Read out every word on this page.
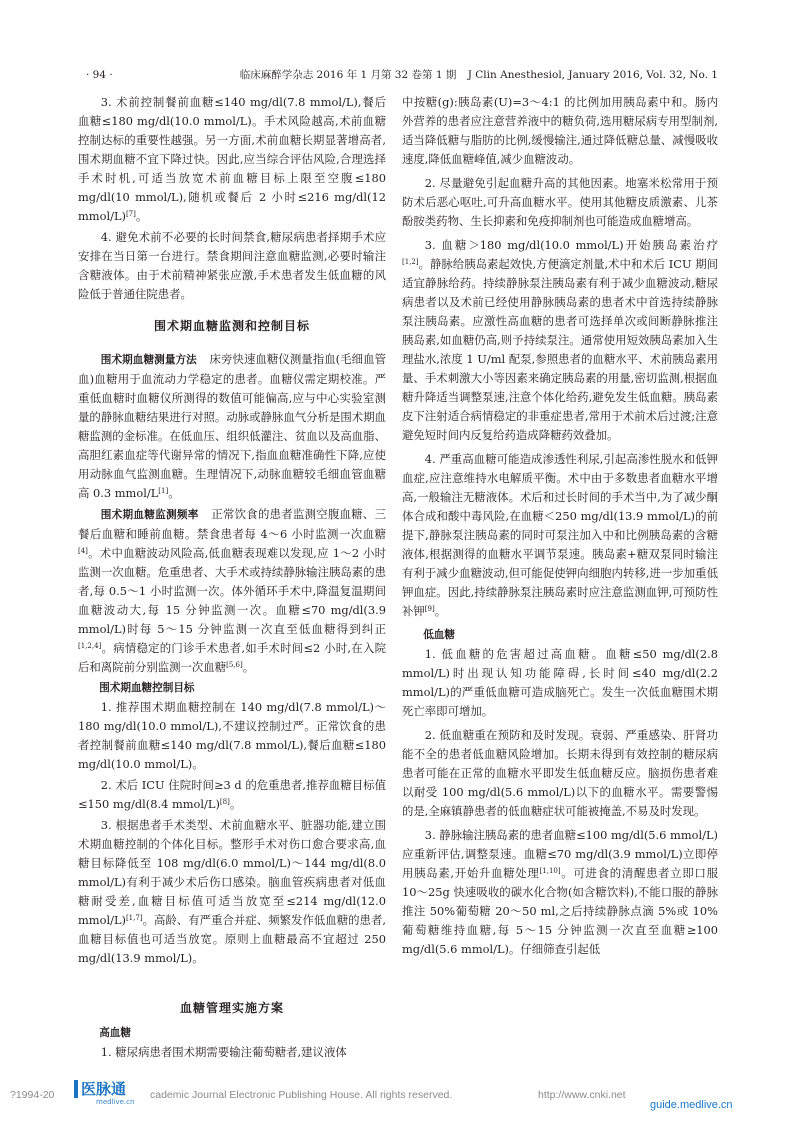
· 94 ·	临床麻醉学杂志 2016 年 1 月第 32 卷第 1 期 J Clin Anesthesiol, January 2016, Vol. 32, No. 1

3. 术前控制餐前血糖≤140 mg/dl(7.8 mmol/L),餐后血糖≤180 mg/dl(10.0 mmol/L)。手术风险越高,术前血糖控制达标的重要性越强。另一方面,术前血糖长期显著增高者,围术期血糖不宜下降过快。因此,应当综合评估风险,合理选择手术时机,可适当放宽术前血糖目标上限至空腹≤180 mg/dl(10 mmol/L),随机或餐后 2 小时≤216 mg/dl(12 mmol/L)[7]。

4. 避免术前不必要的长时间禁食,糖尿病患者择期手术应安排在当日第一台进行。禁食期间注意血糖监测,必要时输注含糖液体。由于术前精神紧张应激,手术患者发生低血糖的风险低于普通住院患者。

围术期血糖监测和控制目标

围术期血糖测量方法 床旁快速血糖仪测量指血(毛细血管血)血糖用于血流动力学稳定的患者。血糖仪需定期校准。严重低血糖时血糖仪所测得的数值可能偏高,应与中心实验室测量的静脉血糖结果进行对照。动脉或静脉血气分析是围术期血糖监测的金标准。在低血压、组织低灌注、贫血以及高血脂、高胆红素血症等代谢异常的情况下,指血血糖准确性下降,应使用动脉血气监测血糖。生理情况下,动脉血糖较毛细血管血糖高 0.3 mmol/L[1]。

围术期血糖监测频率 正常饮食的患者监测空腹血糖、三餐后血糖和睡前血糖。禁食患者每 4～6 小时监测一次血糖[4]。术中血糖波动风险高,低血糖表现难以发现,应 1～2 小时监测一次血糖。危重患者、大手术或持续静脉输注胰岛素的患者,每 0.5～1 小时监测一次。体外循环手术中,降温复温期间血糖波动大,每 15 分钟监测一次。血糖≤70 mg/dl(3.9 mmol/L)时每 5～15 分钟监测一次直至低血糖得到纠正[1,2,4]。病情稳定的门诊手术患者,如手术时间≤2 小时,在入院后和离院前分别监测一次血糖[5,6]。

围术期血糖控制目标

1. 推荐围术期血糖控制在 140 mg/dl(7.8 mmol/L)～180 mg/dl(10.0 mmol/L),不建议控制过严。正常饮食的患者控制餐前血糖≤140 mg/dl(7.8 mmol/L),餐后血糖≤180 mg/dl(10.0 mmol/L)。

2. 术后 ICU 住院时间≥3 d 的危重患者,推荐血糖目标值≤150 mg/dl(8.4 mmol/L)[8]。

3. 根据患者手术类型、术前血糖水平、脏器功能,建立围术期血糖控制的个体化目标。整形手术对伤口愈合要求高,血糖目标降低至 108 mg/dl(6.0 mmol/L)～144 mg/dl(8.0 mmol/L)有利于减少术后伤口感染。脑血管疾病患者对低血糖耐受差,血糖目标值可适当放宽至≤214 mg/dl(12.0 mmol/L)[1,7]。高龄、有严重合并症、频繁发作低血糖的患者,血糖目标值也可适当放宽。原则上血糖最高不宜超过 250 mg/dl(13.9 mmol/L)。

血糖管理实施方案
高血糖

1. 糖尿病患者围术期需要输注葡萄糖者,建议液体

中按糖(g):胰岛素(U)=3～4:1 的比例加用胰岛素中和。肠内外营养的患者应注意营养液中的糖负荷,选用糖尿病专用型制剂,适当降低糖与脂肪的比例,缓慢输注,通过降低糖总量、减慢吸收速度,降低血糖峰值,减少血糖波动。

2. 尽量避免引起血糖升高的其他因素。地塞米松常用于预防术后恶心呕吐,可升高血糖水平。使用其他糖皮质激素、儿茶酚胺类药物、生长抑素和免疫抑制剂也可能造成血糖增高。

3. 血糖＞180 mg/dl(10.0 mmol/L)开始胰岛素治疗[1,2]。静脉给胰岛素起效快,方便滴定剂量,术中和术后 ICU 期间适宜静脉给药。持续静脉泵注胰岛素有利于减少血糖波动,糖尿病患者以及术前已经使用静脉胰岛素的患者术中首选持续静脉泵注胰岛素。应激性高血糖的患者可选择单次或间断静脉推注胰岛素,如血糖仍高,则予持续泵注。通常使用短效胰岛素加入生理盐水,浓度 1 U/ml 配泵,参照患者的血糖水平、术前胰岛素用量、手术刺激大小等因素来确定胰岛素的用量,密切监测,根据血糖升降适当调整泵速,注意个体化给药,避免发生低血糖。胰岛素皮下注射适合病情稳定的非重症患者,常用于术前术后过渡;注意避免短时间内反复给药造成降糖药效叠加。

4. 严重高血糖可能造成渗透性利尿,引起高渗性脱水和低钾血症,应注意维持水电解质平衡。术中由于多数患者血糖水平增高,一般输注无糖液体。术后和过长时间的手术当中,为了减少酮体合成和酸中毒风险,在血糖＜250 mg/dl(13.9 mmol/L)的前提下,静脉泵注胰岛素的同时可泵注加入中和比例胰岛素的含糖液体,根据测得的血糖水平调节泵速。胰岛素+糖双泵同时输注有利于减少血糖波动,但可能促使钾向细胞内转移,进一步加重低钾血症。因此,持续静脉泵注胰岛素时应注意监测血钾,可预防性补钾[9]。

低血糖

1. 低血糖的危害超过高血糖。血糖≤50 mg/dl(2.8 mmol/L)时出现认知功能障碍,长时间≤40 mg/dl(2.2 mmol/L)的严重低血糖可造成脑死亡。发生一次低血糖围术期死亡率即可增加。

2. 低血糖重在预防和及时发现。衰弱、严重感染、肝肾功能不全的患者低血糖风险增加。长期未得到有效控制的糖尿病患者可能在正常的血糖水平即发生低血糖反应。脑损伤患者难以耐受 100 mg/dl(5.6 mmol/L)以下的血糖水平。需要警惕的是,全麻镇静患者的低血糖症状可能被掩盖,不易及时发现。

3. 静脉输注胰岛素的患者血糖≤100 mg/dl(5.6 mmol/L)应重新评估,调整泵速。血糖≤70 mg/dl(3.9 mmol/L)立即停用胰岛素,开始升血糖处理[1,10]。可进食的清醒患者立即口服 10～25g 快速吸收的碳水化合物(如含糖饮料),不能口服的静脉推注 50%葡萄糖 20～50 ml,之后持续静脉点滴 5%或 10%葡萄糖维持血糖,每 5～15 分钟监测一次直至血糖≥100 mg/dl(5.6 mmol/L)。仔细筛查引起低

?1994-20	医脉通
medlive.cn
cademic Journal Electronic Publishing House. All rights reserved.	http://www.cnki.net
guide.medlive.cn
